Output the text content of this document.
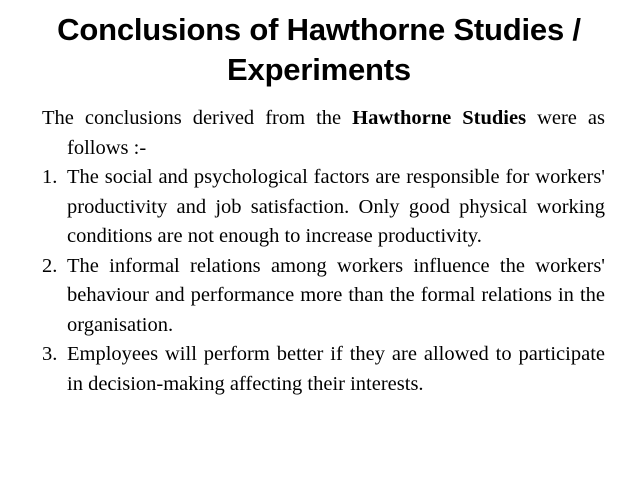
Conclusions of Hawthorne Studies / Experiments

The conclusions derived from the Hawthorne Studies were as follows :-

1. The social and psychological factors are responsible for workers' productivity and job satisfaction. Only good physical working conditions are not enough to increase productivity.
2. The informal relations among workers influence the workers' behaviour and performance more than the formal relations in the organisation.
3. Employees will perform better if they are allowed to participate in decision-making affecting their interests.
